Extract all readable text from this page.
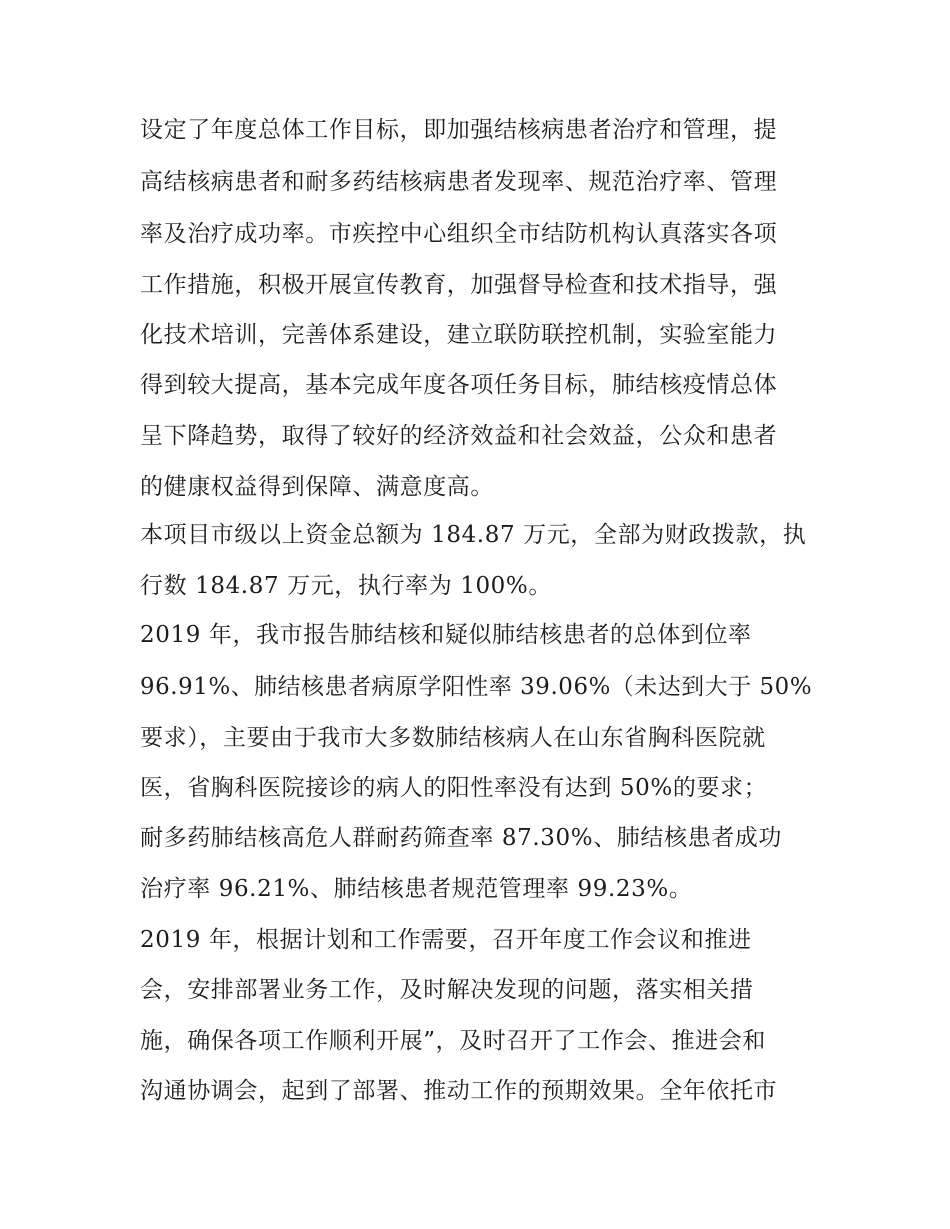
设定了年度总体工作目标，即加强结核病患者治疗和管理，提
高结核病患者和耐多药结核病患者发现率、规范治疗率、管理
率及治疗成功率。市疾控中心组织全市结防机构认真落实各项
工作措施，积极开展宣传教育，加强督导检查和技术指导，强
化技术培训，完善体系建设，建立联防联控机制，实验室能力
得到较大提高，基本完成年度各项任务目标，肺结核疫情总体
呈下降趋势，取得了较好的经济效益和社会效益，公众和患者
的健康权益得到保障、满意度高。
本项目市级以上资金总额为 184.87 万元，全部为财政拨款，执
行数 184.87 万元，执行率为 100%。
2019 年，我市报告肺结核和疑似肺结核患者的总体到位率
96.91%、肺结核患者病原学阳性率 39.06%（未达到大于 50%
要求），主要由于我市大多数肺结核病人在山东省胸科医院就
医，省胸科医院接诊的病人的阳性率没有达到 50%的要求；
耐多药肺结核高危人群耐药筛查率 87.30%、肺结核患者成功
治疗率 96.21%、肺结核患者规范管理率 99.23%。
2019 年，根据计划和工作需要，召开年度工作会议和推进
会，安排部署业务工作，及时解决发现的问题，落实相关措
施，确保各项工作顺利开展”，及时召开了工作会、推进会和
沟通协调会，起到了部署、推动工作的预期效果。全年依托市
